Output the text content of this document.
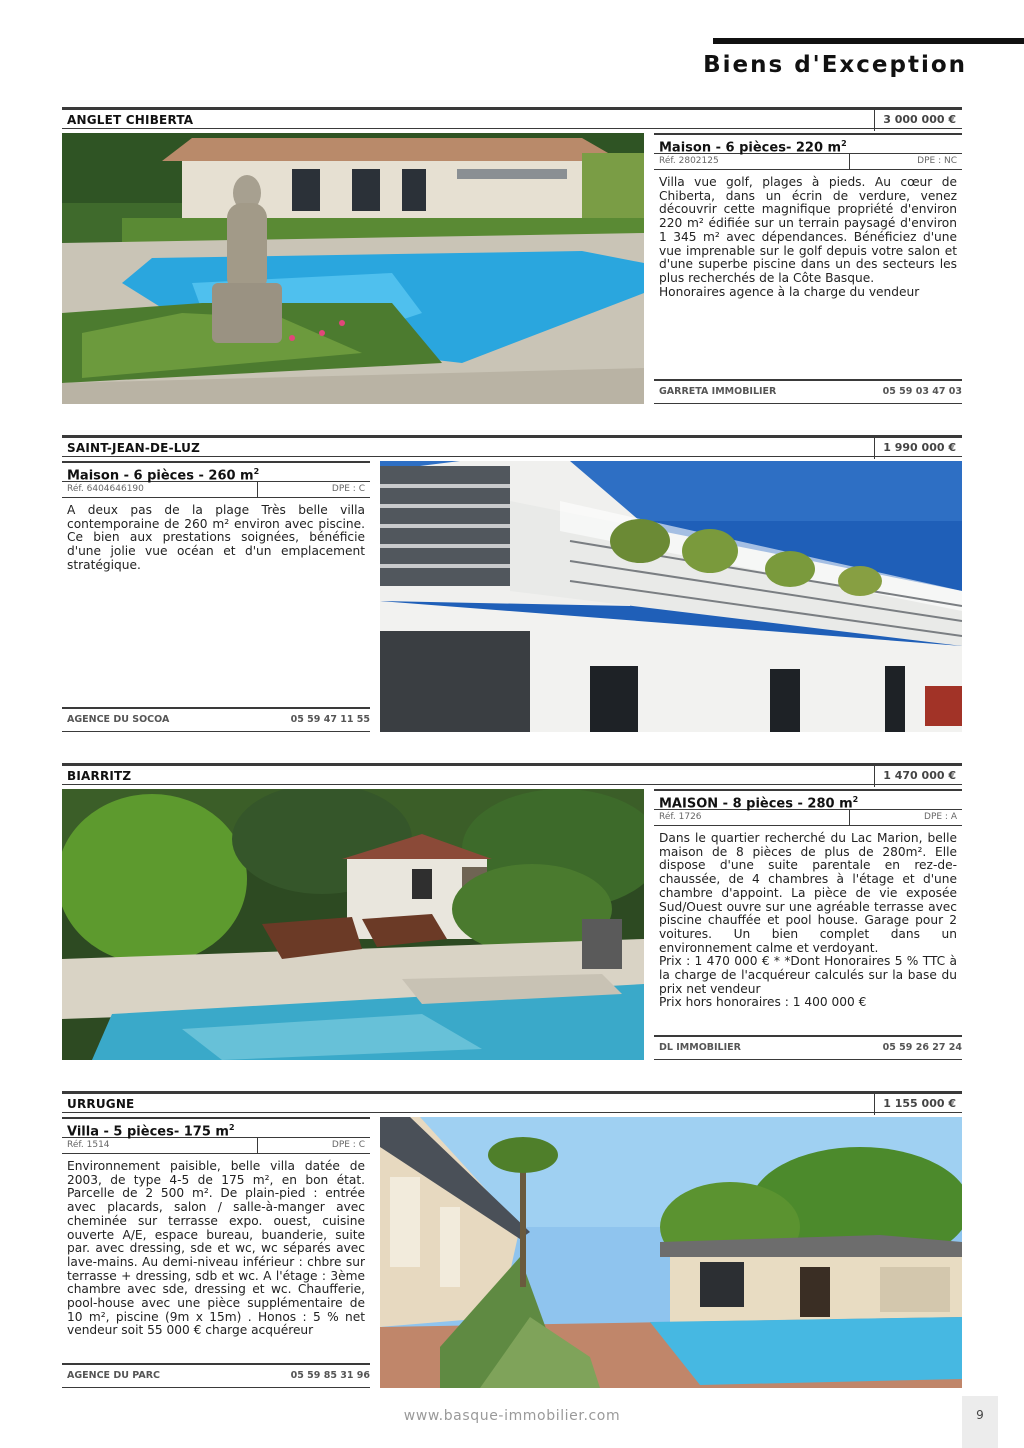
Biens d'Exception
ANGLET CHIBERTA	3 000 000 €
Maison - 6 pièces- 220 $m^2$
Réf. 2802125	DPE : NC
Villa vue golf, plages à pieds. Au cœur de Chiberta, dans un écrin de verdure, venez découvrir cette magnifique propriété d'environ 220 m² édifiée sur un terrain paysagé d'environ 1 345 m² avec dépendances. Bénéficiez d'une vue imprenable sur le golf depuis votre salon et d'une superbe piscine dans un des secteurs les plus recherchés de la Côte Basque.
Honoraires agence à la charge du vendeur
GARRETA IMMOBILIER	05 59 03 47 03
SAINT-JEAN-DE-LUZ	1 990 000 €
Maison - 6 pièces - 260 $m^2$
Réf. 6404646190	DPE : C
A deux pas de la plage Très belle villa contemporaine de 260 m² environ avec piscine. Ce bien aux prestations soignées, bénéficie d'une jolie vue océan et d'un emplacement stratégique.
AGENCE DU SOCOA	05 59 47 11 55
BIARRITZ	1 470 000 €
MAISON - 8 pièces - 280 $m^2$
Réf. 1726	DPE : A
Dans le quartier recherché du Lac Marion, belle maison de 8 pièces de plus de 280m². Elle dispose d'une suite parentale en rez-de-chaussée, de 4 chambres à l'étage et d'une chambre d'appoint. La pièce de vie exposée Sud/Ouest ouvre sur une agréable terrasse avec piscine chauffée et pool house. Garage pour 2 voitures. Un bien complet dans un environnement calme et verdoyant.
Prix : 1 470 000 € * *Dont Honoraires 5 % TTC à la charge de l'acquéreur calculés sur la base du prix net vendeur
Prix hors honoraires : 1 400 000 €
DL IMMOBILIER	05 59 26 27 24
URRUGNE	1 155 000 €
Villa - 5 pièces- 175 $m^2$
Réf. 1514	DPE : C
Environnement paisible, belle villa datée de 2003, de type 4-5 de 175 m², en bon état. Parcelle de 2 500 m². De plain-pied : entrée avec placards, salon / salle-à-manger avec cheminée sur terrasse expo. ouest, cuisine ouverte A/E, espace bureau, buanderie, suite par. avec dressing, sde et wc, wc séparés avec lave-mains. Au demi-niveau inférieur : chbre sur terrasse + dressing, sdb et wc. A l'étage : 3ème chambre avec sde, dressing et wc. Chaufferie, pool-house avec une pièce supplémentaire de 10 m², piscine (9m x 15m) . Honos : 5 % net vendeur soit 55 000 € charge acquéreur
AGENCE DU PARC	05 59 85 31 96
www.basque-immobilier.com	9
